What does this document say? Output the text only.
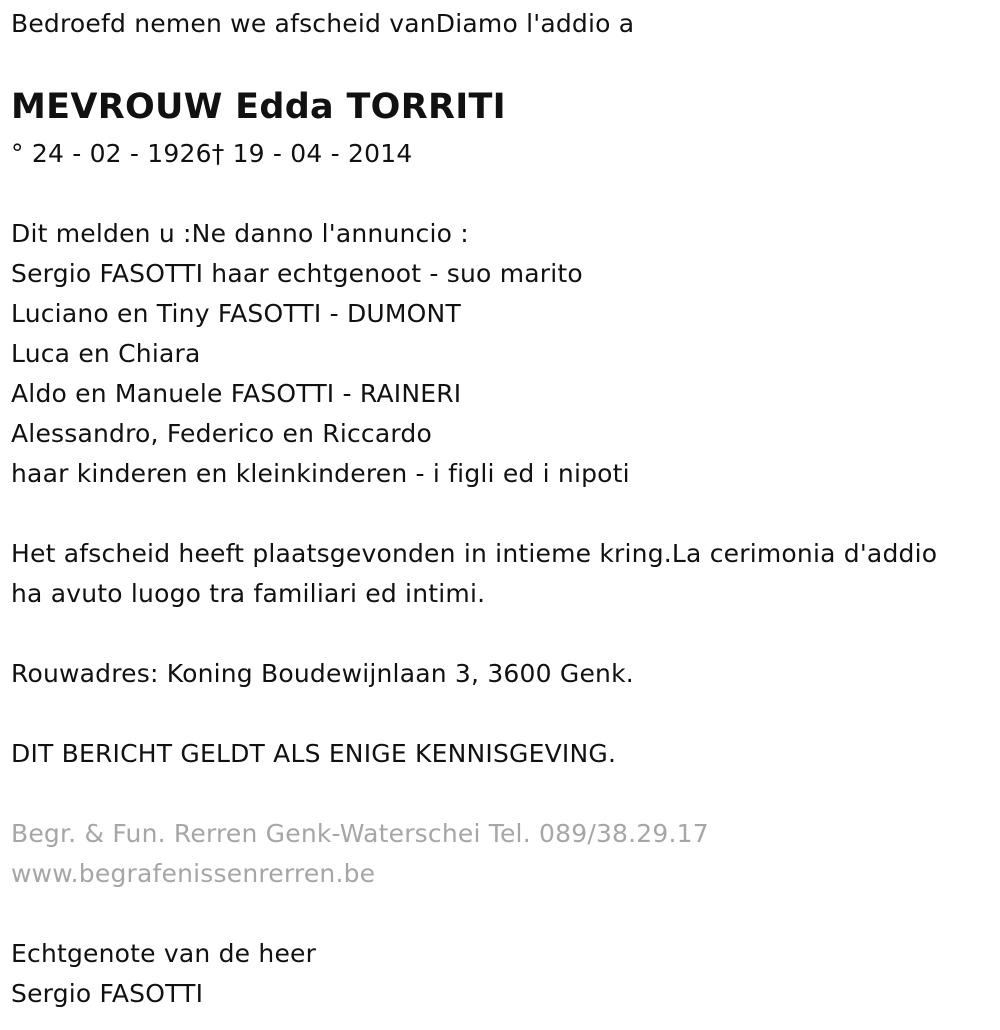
Bedroefd nemen we afscheid vanDiamo l'addio a
MEVROUW Edda TORRITI
° 24 - 02 - 1926† 19 - 04 - 2014
Dit melden u :Ne danno l'annuncio :
Sergio FASOTTI haar echtgenoot - suo marito
Luciano en Tiny FASOTTI - DUMONT
Luca en Chiara
Aldo en Manuele FASOTTI - RAINERI
Alessandro, Federico en Riccardo
haar kinderen en kleinkinderen - i figli ed i nipoti
Het afscheid heeft plaatsgevonden in intieme kring.La cerimonia d'addio
ha avuto luogo tra familiari ed intimi.
Rouwadres: Koning Boudewijnlaan 3, 3600 Genk.
DIT BERICHT GELDT ALS ENIGE KENNISGEVING.
Begr. & Fun. Rerren Genk-Waterschei Tel. 089/38.29.17
www.begrafenissenrerren.be
Echtgenote van de heer
Sergio FASOTTI
